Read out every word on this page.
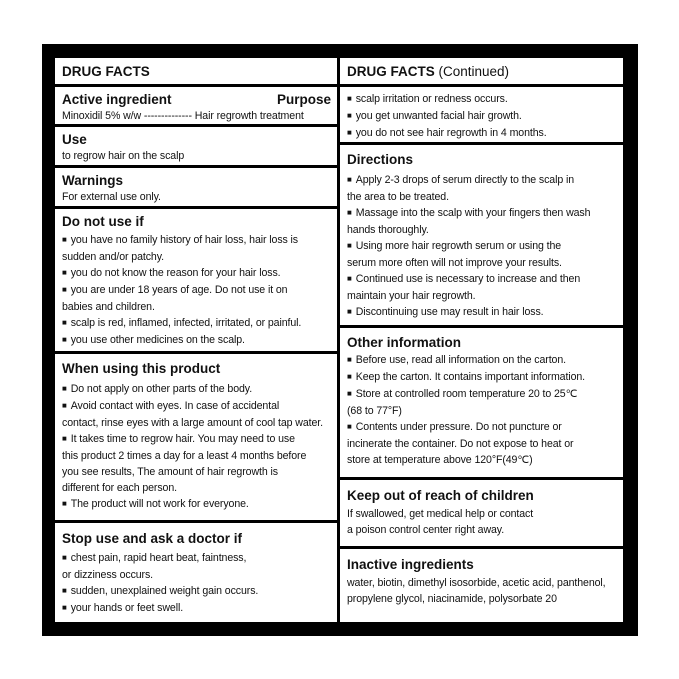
DRUG FACTS
Active ingredient	Purpose
Minoxidil 5% w/w -------------- Hair regrowth treatment
Use
to regrow hair on the scalp
Warnings
For external use only.
Do not use if
■ you have no family history of hair loss, hair loss is
sudden and/or patchy.
■ you do not know the reason for your hair loss.
■ you are under 18 years of age. Do not use it on
babies and children.
■ scalp is red, inflamed, infected, irritated, or painful.
■ you use other medicines on the scalp.
When using this product
■ Do not apply on other parts of the body.
■ Avoid contact with eyes. In case of accidental
contact, rinse eyes with a large amount of cool tap water.
■ It takes time to regrow hair. You may need to use
this product 2 times a day for a least 4 months before
you see results, The amount of hair regrowth is
different for each person.
■ The product will not work for everyone.
Stop use and ask a doctor if
■ chest pain, rapid heart beat, faintness,
or dizziness occurs.
■ sudden, unexplained weight gain occurs.
■ your hands or feet swell.
DRUG FACTS (Continued)
■ scalp irritation or redness occurs.
■ you get unwanted facial hair growth.
■ you do not see hair regrowth in 4 months.
Directions
■ Apply 2-3 drops of serum directly to the scalp in
the area to be treated.
■ Massage into the scalp with your fingers then wash
hands thoroughly.
■ Using more hair regrowth serum or using the
serum more often will not improve your results.
■ Continued use is necessary to increase and then
maintain your hair regrowth.
■ Discontinuing use may result in hair loss.
Other information
■ Before use, read all information on the carton.
■ Keep the carton. It contains important information.
■ Store at controlled room temperature 20 to 25℃
(68 to 77°F)
■ Contents under pressure. Do not puncture or
incinerate the container. Do not expose to heat or
store at temperature above 120°F(49℃)
Keep out of reach of children
If swallowed, get medical help or contact
a poison control center right away.
Inactive ingredients
water, biotin, dimethyl isosorbide, acetic acid, panthenol,
propylene glycol, niacinamide, polysorbate 20
